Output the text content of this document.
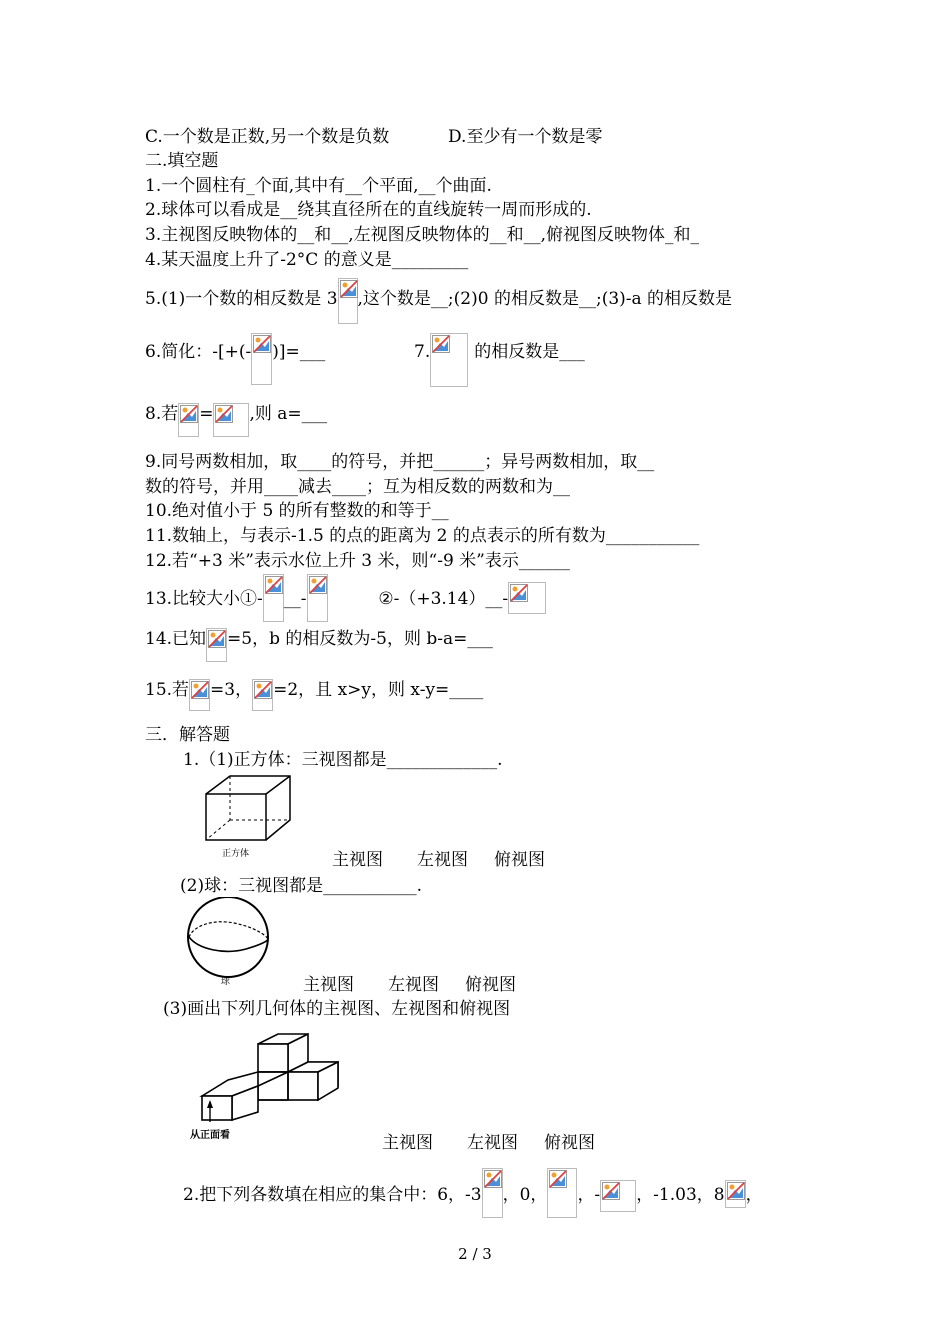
C.一个数是正数,另一个数是负数	D.至少有一个数是零
二.填空题
1.一个圆柱有_个面,其中有__个平面,__个曲面.
2.球体可以看成是__绕其直径所在的直线旋转一周而形成的.
3.主视图反映物体的__和__,左视图反映物体的__和__,俯视图反映物体_和_
4.某天温度上升了-2°C 的意义是_________
5.(1)一个数的相反数是 3 ,这个数是__;(2)0 的相反数是__;(3)-a 的相反数是
6.简化：-[+(- )]=___	7.	的相反数是___
8.若 = ,则 a=___
9.同号两数相加，取____的符号，并把______；异号两数相加，取__
数的符号，并用____减去____；互为相反数的两数和为__
10.绝对值小于 5 的所有整数的和等于__
11.数轴上，与表示-1.5 的点的距离为 2 的点表示的所有数为___________
12.若“+3 米”表示水位上升 3 米，则“-9 米”表示______
13.比较大小①- __-	②-（+3.14）__-
14.已知 =5，b 的相反数为-5，则 b-a=___
15.若 =3， =2，且 x>y，则 x-y=____
三．解答题
1.（1)正方体：三视图都是_____________.
正方体	主视图 左视图 俯视图
(2)球：三视图都是___________.
球	主视图 左视图 俯视图
(3)画出下列几何体的主视图、左视图和俯视图
从正面看	主视图 左视图 俯视图
2.把下列各数填在相应的集合中：6，-3 ，0， ，- ，-1.03，8 ，
2 / 3
